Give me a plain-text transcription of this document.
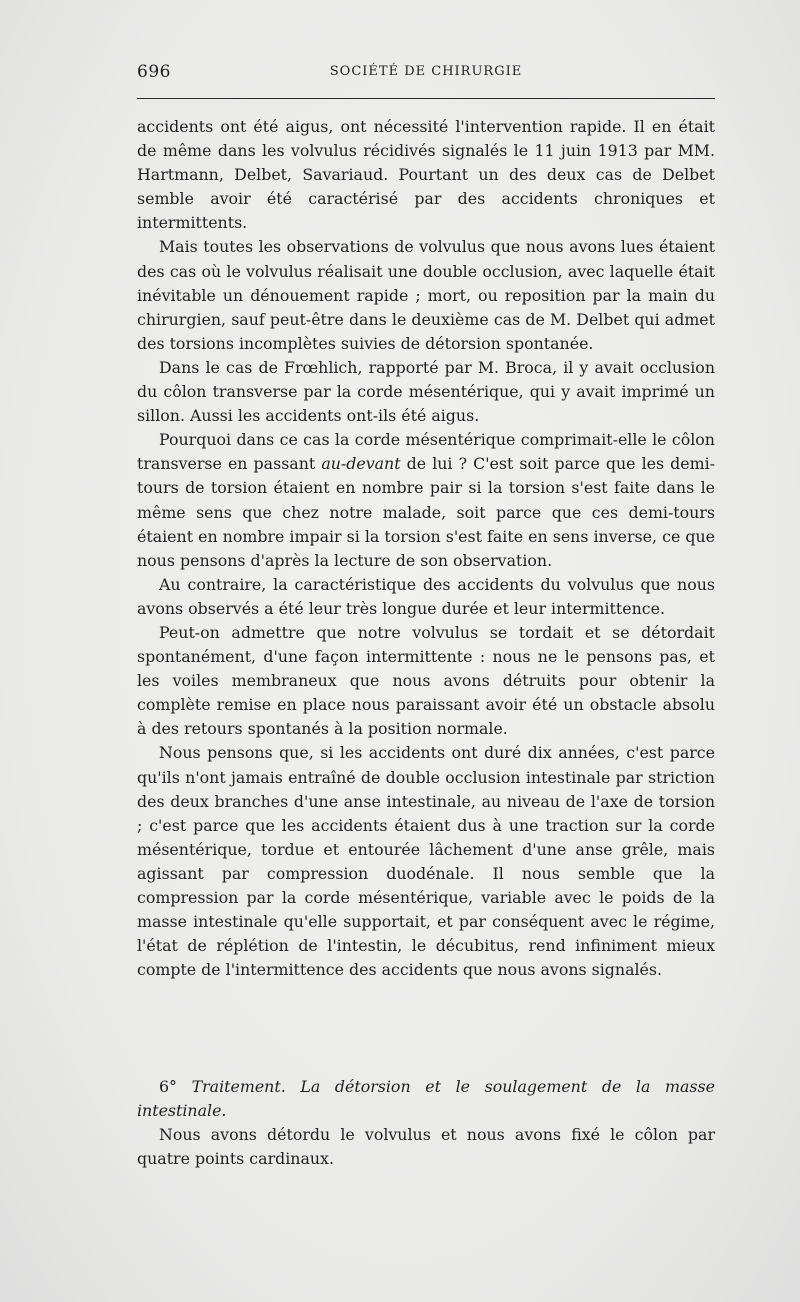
696	SOCIÉTÉ DE CHIRURGIE

accidents ont été aigus, ont nécessité l'intervention rapide. Il en était de même dans les volvulus récidivés signalés le 11 juin 1913 par MM. Hartmann, Delbet, Savariaud. Pourtant un des deux cas de Delbet semble avoir été caractérisé par des accidents chroniques et intermittents.

Mais toutes les observations de volvulus que nous avons lues étaient des cas où le volvulus réalisait une double occlusion, avec laquelle était inévitable un dénouement rapide ; mort, ou reposition par la main du chirurgien, sauf peut-être dans le deuxième cas de M. Delbet qui admet des torsions incomplètes suivies de détorsion spontanée.

Dans le cas de Frœhlich, rapporté par M. Broca, il y avait occlusion du côlon transverse par la corde mésentérique, qui y avait imprimé un sillon. Aussi les accidents ont-ils été aigus.

Pourquoi dans ce cas la corde mésentérique comprimait-elle le côlon transverse en passant au-devant de lui ? C'est soit parce que les demi-tours de torsion étaient en nombre pair si la torsion s'est faite dans le même sens que chez notre malade, soit parce que ces demi-tours étaient en nombre impair si la torsion s'est faite en sens inverse, ce que nous pensons d'après la lecture de son observation.

Au contraire, la caractéristique des accidents du volvulus que nous avons observés a été leur très longue durée et leur intermittence.

Peut-on admettre que notre volvulus se tordait et se détordait spontanément, d'une façon intermittente : nous ne le pensons pas, et les voiles membraneux que nous avons détruits pour obtenir la complète remise en place nous paraissant avoir été un obstacle absolu à des retours spontanés à la position normale.

Nous pensons que, si les accidents ont duré dix années, c'est parce qu'ils n'ont jamais entraîné de double occlusion intestinale par striction des deux branches d'une anse intestinale, au niveau de l'axe de torsion ; c'est parce que les accidents étaient dus à une traction sur la corde mésentérique, tordue et entourée lâchement d'une anse grêle, mais agissant par compression duodénale. Il nous semble que la compression par la corde mésentérique, variable avec le poids de la masse intestinale qu'elle supportait, et par conséquent avec le régime, l'état de réplétion de l'intestin, le décubitus, rend infiniment mieux compte de l'intermittence des accidents que nous avons signalés.

6° Traitement. La détorsion et le soulagement de la masse intestinale.

Nous avons détordu le volvulus et nous avons fixé le côlon par quatre points cardinaux.
